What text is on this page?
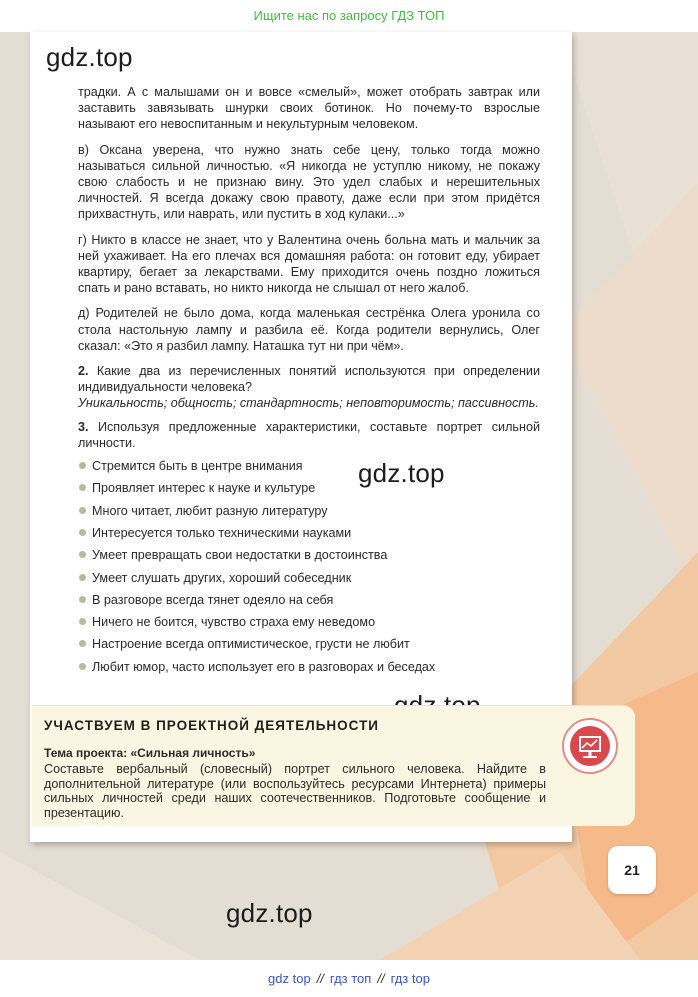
Ищите нас по запросу ГДЗ ТОП
gdz.top

традки. А с малышами он и вовсе «смелый», может отобрать завтрак или заставить завязывать шнурки своих ботинок. Но почему-то взрослые называют его невоспитанным и некультурным человеком.

в) Оксана уверена, что нужно знать себе цену, только тогда можно называться сильной личностью. «Я никогда не уступлю никому, не покажу свою слабость и не признаю вину. Это удел слабых и нерешительных личностей. Я всегда докажу свою правоту, даже если при этом придётся прихвастнуть, или наврать, или пустить в ход кулаки...»

г) Никто в классе не знает, что у Валентина очень больна мать и мальчик за ней ухаживает. На его плечах вся домашняя работа: он готовит еду, убирает квартиру, бегает за лекарствами. Ему приходится очень поздно ложиться спать и рано вставать, но никто никогда не слышал от него жалоб.

д) Родителей не было дома, когда маленькая сестрёнка Олега уронила со стола настольную лампу и разбила её. Когда родители вернулись, Олег сказал: «Это я разбил лампу. Наташка тут ни при чём».

2. Какие два из перечисленных понятий используются при определении индивидуальности человека?
Уникальность; общность; стандартность; неповторимость; пассивность.

3. Используя предложенные характеристики, составьте портрет сильной личности.

Стремится быть в центре внимания
Проявляет интерес к науке и культуре
Много читает, любит разную литературу
Интересуется только техническими науками
Умеет превращать свои недостатки в достоинства
Умеет слушать других, хороший собеседник
В разговоре всегда тянет одеяло на себя
Ничего не боится, чувство страха ему неведомо
Настроение всегда оптимистическое, грусти не любит
Любит юмор, часто использует его в разговорах и беседах
gdz.top
УЧАСТВУЕМ В ПРОЕКТНОЙ ДЕЯТЕЛЬНОСТИ
Тема проекта: «Сильная личность»
Составьте вербальный (словесный) портрет сильного человека. Найдите в дополнительной литературе (или воспользуйтесь ресурсами Интернета) примеры сильных личностей среди наших соотечественников. Подготовьте сообщение и презентацию.
21
gdz.top
gdz top // гдз топ // гдз top
